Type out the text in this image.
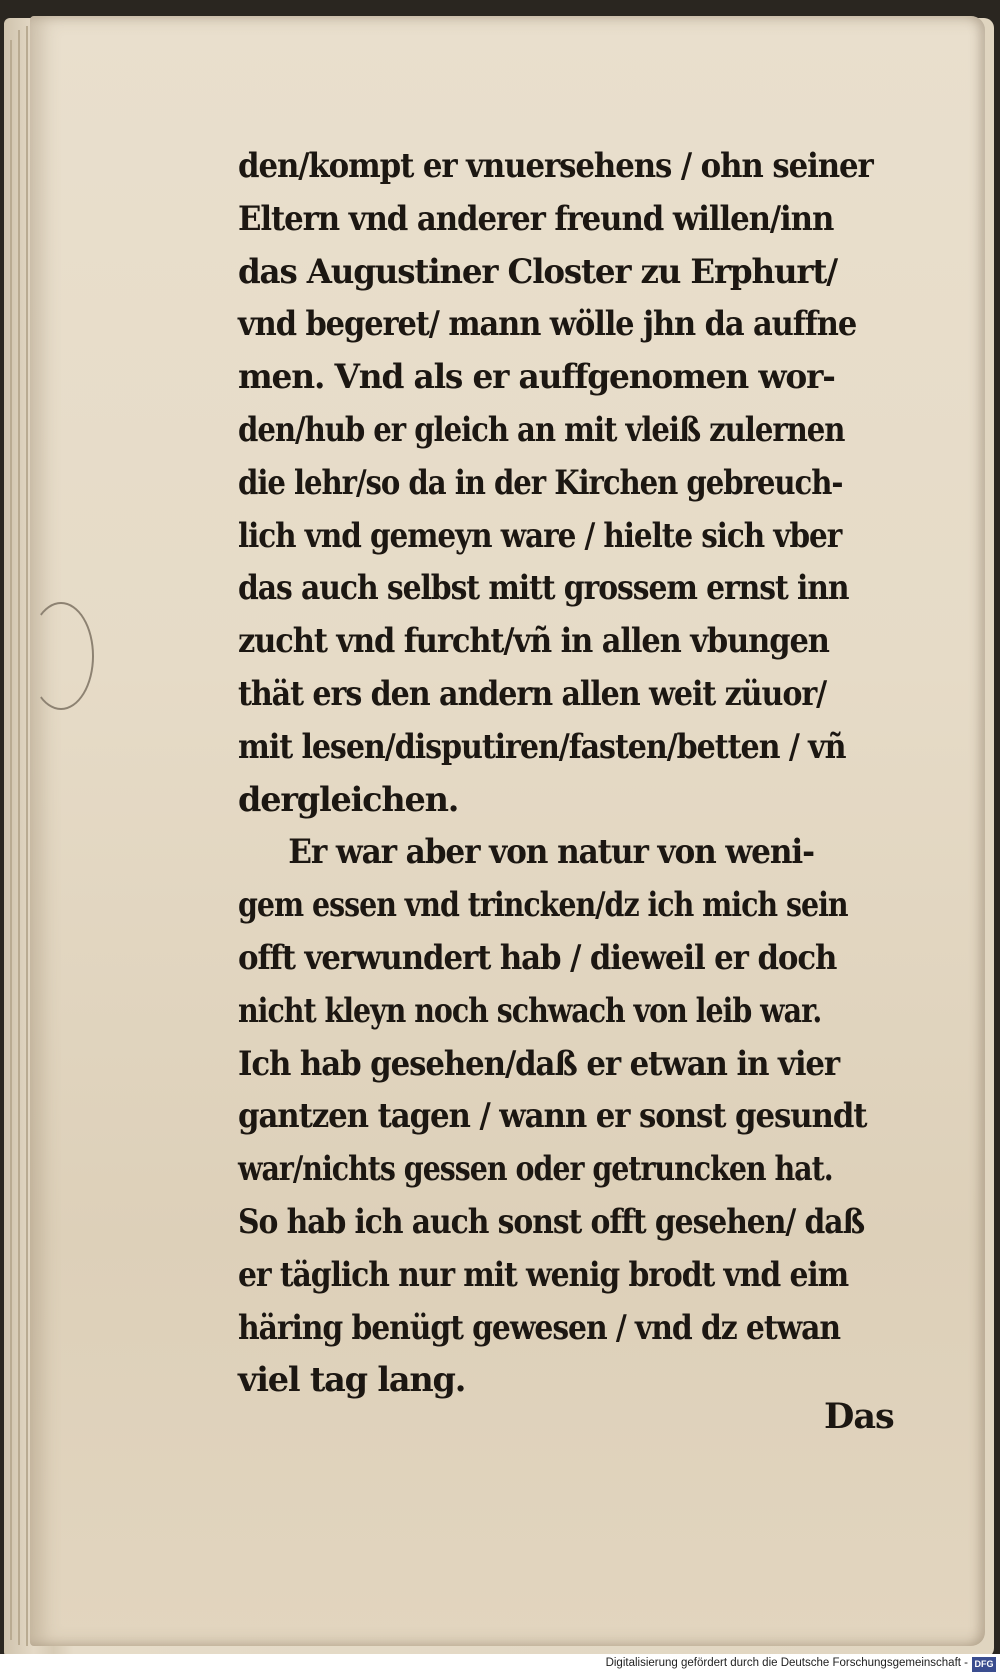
den/kompt er vnuersehens / ohn seiner
Eltern vnd anderer freund willen/inn
das Augustiner Closter zu Erphurt/
vnd begeret/ mann wölle jhn da auffne
men. Vnd als er auffgenomen wor-
den/hub er gleich an mit vleiß zulernen
die lehr/so da in der Kirchen gebreuch-
lich vnd gemeyn ware / hielte sich vber
das auch selbst mitt grossem ernst inn
zucht vnd furcht/vñ in allen vbungen
thät ers den andern allen weit züuor/
mit lesen/disputiren/fasten/betten / vñ
dergleichen.
Er war aber von natur von weni-
gem essen vnd trincken/dz ich mich sein
offt verwundert hab / dieweil er doch
nicht kleyn noch schwach von leib war.
Ich hab gesehen/daß er etwan in vier
gantzen tagen / wann er sonst gesundt
war/nichts gessen oder getruncken hat.
So hab ich auch sonst offt gesehen/ daß
er täglich nur mit wenig brodt vnd eim
häring benügt gewesen / vnd dz etwan
viel tag lang.
Das
Digitalisierung gefördert durch die Deutsche Forschungsgemeinschaft - DFG
